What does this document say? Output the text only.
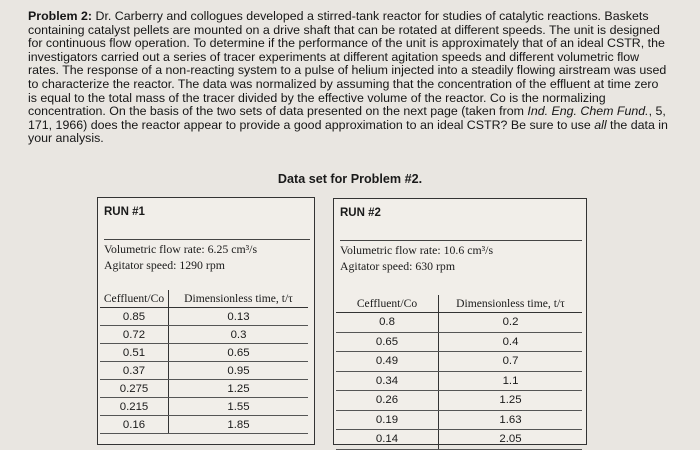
Problem 2: Dr. Carberry and collogues developed a stirred-tank reactor for studies of catalytic reactions. Baskets containing catalyst pellets are mounted on a drive shaft that can be rotated at different speeds. The unit is designed for continuous flow operation. To determine if the performance of the unit is approximately that of an ideal CSTR, the investigators carried out a series of tracer experiments at different agitation speeds and different volumetric flow rates. The response of a non-reacting system to a pulse of helium injected into a steadily flowing airstream was used to characterize the reactor. The data was normalized by assuming that the concentration of the effluent at time zero is equal to the total mass of the tracer divided by the effective volume of the reactor. Co is the normalizing concentration. On the basis of the two sets of data presented on the next page (taken from Ind. Eng. Chem Fund., 5, 171, 1966) does the reactor appear to provide a good approximation to an ideal CSTR? Be sure to use all the data in your analysis.
Data set for Problem #2.
RUN #1
Volumetric flow rate: 6.25 cm³/s
Agitator speed: 1290 rpm
Ceffluent/Co	Dimensionless time, t/τ
0.85	0.13
0.72	0.3
0.51	0.65
0.37	0.95
0.275	1.25
0.215	1.55
0.16	1.85
RUN #2
Volumetric flow rate: 10.6 cm³/s
Agitator speed: 630 rpm
Ceffluent/Co	Dimensionless time, t/τ
0.8	0.2
0.65	0.4
0.49	0.7
0.34	1.1
0.26	1.25
0.19	1.63
0.14	2.05
